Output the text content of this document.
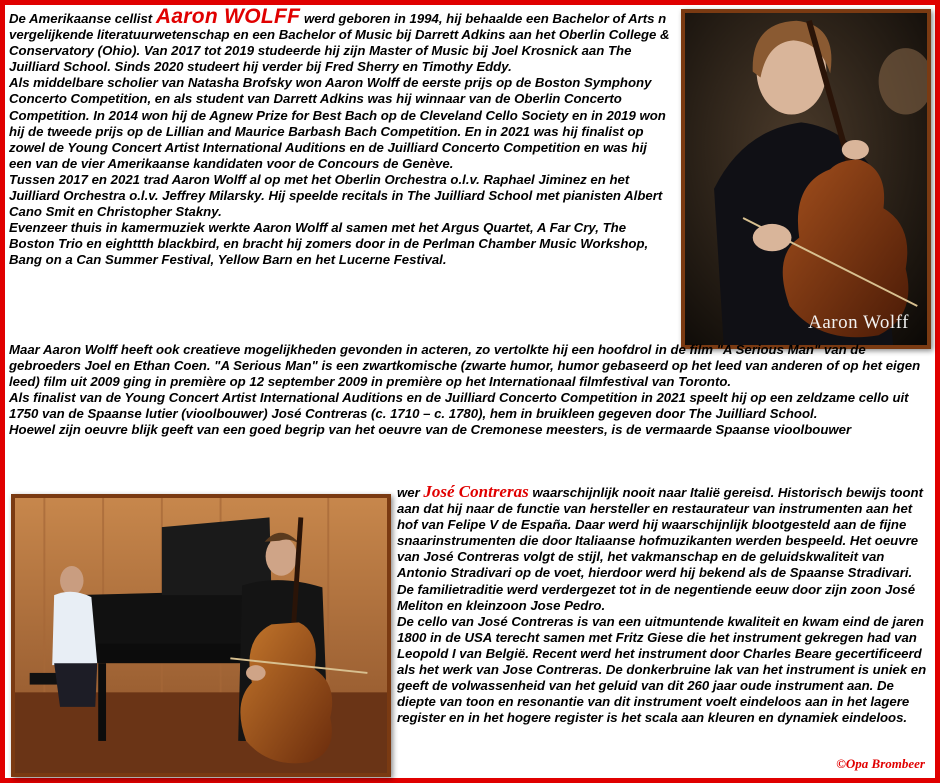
De Amerikaanse cellist Aaron WOLFF werd geboren in 1994, hij behaalde een Bachelor of Arts n vergelijkende literatuurwetenschap en een Bachelor of Music bij Darrett Adkins aan het Oberlin College & Conservatory (Ohio). Van 2017 tot 2019 studeerde hij zijn Master of Music bij Joel Krosnick aan The Juilliard School. Sinds 2020 studeert hij verder bij Fred Sherry en Timothy Eddy.

Als middelbare scholier van Natasha Brofsky won Aaron Wolff de eerste prijs op de Boston Symphony Concerto Competition, en als student van Darrett Adkins was hij winnaar van de Oberlin Concerto Competition. In 2014 won hij de Agnew Prize for Best Bach op de Cleveland Cello Society en in 2019 won hij de tweede prijs op de Lillian and Maurice Barbash Bach Competition. En in 2021 was hij finalist op zowel de Young Concert Artist International Auditions en de Juilliard Concerto Competition en was hij een van de vier Amerikaanse kandidaten voor de Concours de Genève.

Tussen 2017 en 2021 trad Aaron Wolff al op met het Oberlin Orchestra o.l.v. Raphael Jiminez en het Juilliard Orchestra o.l.v. Jeffrey Milarsky. Hij speelde recitals in The Juilliard School met pianisten Albert Cano Smit en Christopher Stakny.

Evenzeer thuis in kamermuziek werkte Aaron Wolff al samen met het Argus Quartet, A Far Cry, The Boston Trio en eighttth blackbird, en bracht hij zomers door in de Perlman Chamber Music Workshop, Bang on a Can Summer Festival, Yellow Barn en het Lucerne Festival.

Aaron Wolff

Maar Aaron Wolff heeft ook creatieve mogelijkheden gevonden in acteren, zo vertolkte hij een hoofdrol in de film "A Serious Man" van de gebroeders Joel en Ethan Coen. "A Serious Man" is een zwartkomische (zwarte humor, humor gebaseerd op het leed van anderen of op het eigen leed) film uit 2009 ging in première op 12 september 2009 in première op het Internationaal filmfestival van Toronto.

Als finalist van de Young Concert Artist International Auditions en de Juilliard Concerto Competition in 2021 speelt hij op een zeldzame cello uit 1750 van de Spaanse lutier (vioolbouwer) José Contreras (c. 1710 – c. 1780), hem in bruikleen gegeven door The Juilliard School.

Hoewel zijn oeuvre blijk geeft van een goed begrip van het oeuvre van de Cremonese meesters, is de vermaarde Spaanse vioolbouwer

wer José Contreras waarschijnlijk nooit naar Italië gereisd. Historisch bewijs toont aan dat hij naar de functie van hersteller en restaurateur van instrumenten aan het hof van Felipe V de España. Daar werd hij waarschijnlijk blootgesteld aan de fijne snaarinstrumenten die door Italiaanse hofmuzikanten werden bespeeld. Het oeuvre van José Contreras volgt de stijl, het vakmanschap en de geluidskwaliteit van Antonio Stradivari op de voet, hierdoor werd hij bekend als de Spaanse Stradivari. De familietraditie werd verdergezet tot in de negentiende eeuw door zijn zoon José Meliton en kleinzoon Jose Pedro.

De cello van José Contreras is van een uitmuntende kwaliteit en kwam eind de jaren 1800 in de USA terecht samen met Fritz Giese die het instrument gekregen had van Leopold I van België. Recent werd het instrument door Charles Beare gecertificeerd als het werk van Jose Contreras. De donkerbruine lak van het instrument is uniek en geeft de volwassenheid van het geluid van dit 260 jaar oude instrument aan. De diepte van toon en resonantie van dit instrument voelt eindeloos aan in het lagere register en in het hogere register is het scala aan kleuren en dynamiek eindeloos.

©Opa Brombeer
